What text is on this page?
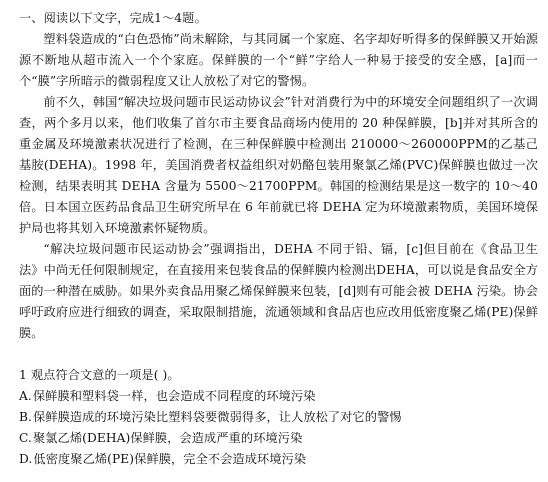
一、阅读以下文字，完成1～4题。

塑料袋造成的“白色恐怖”尚未解除，与其同属一个家庭、名字却好听得多的保鲜膜又开始源源不断地从超市流入一个个家庭。保鲜膜的一个“鲜”字给人一种易于接受的安全感，[a]而一个“膜”字所暗示的微弱程度又让人放松了对它的警惕。

前不久，韩国“解决垃圾问题市民运动协议会”针对消费行为中的环境安全问题组织了一次调查，两个多月以来，他们收集了首尔市主要食品商场内使用的 20 种保鲜膜，[b]并对其所含的重金属及环境激素状况进行了检测，在三种保鲜膜中检测出 210000～260000PPM的乙基己基胺(DEHA)。1998 年，美国消费者权益组织对奶酪包装用聚氯乙烯(PVC)保鲜膜也做过一次检测，结果表明其 DEHA 含量为 5500～21700PPM。韩国的检测结果是这一数字的 10～40 倍。日本国立医药品食品卫生研究所早在 6 年前就已将 DEHA 定为环境激素物质，美国环境保护局也将其划入环境激素怀疑物质。

“解决垃圾问题市民运动协会”强调指出，DEHA 不同于铅、镉，[c]但目前在《食品卫生法》中尚无任何限制规定，在直接用来包装食品的保鲜膜内检测出DEHA，可以说是食品安全方面的一种潜在威胁。如果外卖食品用聚乙烯保鲜膜来包装，[d]则有可能会被 DEHA 污染。协会呼吁政府应进行细致的调查，采取限制措施，流通领域和食品店也应改用低密度聚乙烯(PE)保鲜膜。

1 观点符合文意的一项是( )。

A.保鲜膜和塑料袋一样，也会造成不同程度的环境污染

B.保鲜膜造成的环境污染比塑料袋要微弱得多，让人放松了对它的警惕

C.聚氯乙烯(DEHA)保鲜膜，会造成严重的环境污染

D.低密度聚乙烯(PE)保鲜膜，完全不会造成环境污染
